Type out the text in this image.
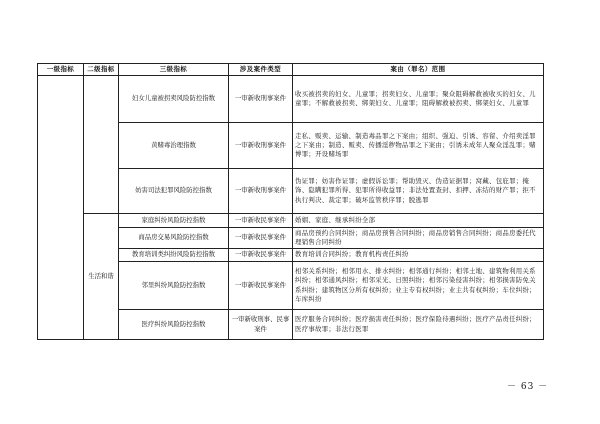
一级指标	二级指标	三级指标	涉及案件类型	案由（罪名）范围
		妇女儿童被拐卖风险防控指数	一审新收刑事案件	收买被拐卖的妇女、儿童罪；拐卖妇女、儿童罪；聚众阻碍解救被收买的妇女、儿童罪；不解救被拐卖、绑架妇女、儿童罪；阻碍解救被拐卖、绑架妇女、儿童罪
		黄赌毒治理指数	一审新收刑事案件	走私、贩卖、运输、制造毒品罪之下案由；组织、强迫、引诱、容留、介绍卖淫罪之下案由；制造、贩卖、传播淫秽物品罪之下案由；引诱未成年人聚众淫乱罪；赌博罪；开设赌场罪
		妨害司法犯罪风险防控指数	一审新收刑事案件	伪证罪；妨害作证罪；虚假诉讼罪；帮助毁灭、伪造证据罪；窝藏、包庇罪；掩饰、隐瞒犯罪所得、犯罪所得收益罪；非法处置查封、扣押、冻结的财产罪；拒不执行判决、裁定罪；破坏监管秩序罪；脱逃罪
	生活和谐	家庭纠纷风险防控指数	一审新收民事案件	婚姻、家庭、继承纠纷全部
		商品房交易风险防控指数	一审新收民事案件	商品房预约合同纠纷；商品房预售合同纠纷；商品房销售合同纠纷；商品房委托代理销售合同纠纷
		教育培训类纠纷风险防控指数	一审新收民事案件	教育培训合同纠纷；教育机构责任纠纷
		邻里纠纷风险防控指数	一审新收民事案件	相邻关系纠纷；相邻用水、排水纠纷；相邻通行纠纷；相邻土地、建筑物利用关系纠纷；相邻通风纠纷；相邻采光、日照纠纷；相邻污染侵害纠纷；相邻损害防免关系纠纷；建筑物区分所有权纠纷；业主专有权纠纷；业主共有权纠纷；车位纠纷；车库纠纷
		医疗纠纷风险防控指数	一审新收刑事、民事案件	医疗服务合同纠纷；医疗损害责任纠纷；医疗保险待遇纠纷；医疗产品责任纠纷；医疗事故罪；非法行医罪
－ 63 －
